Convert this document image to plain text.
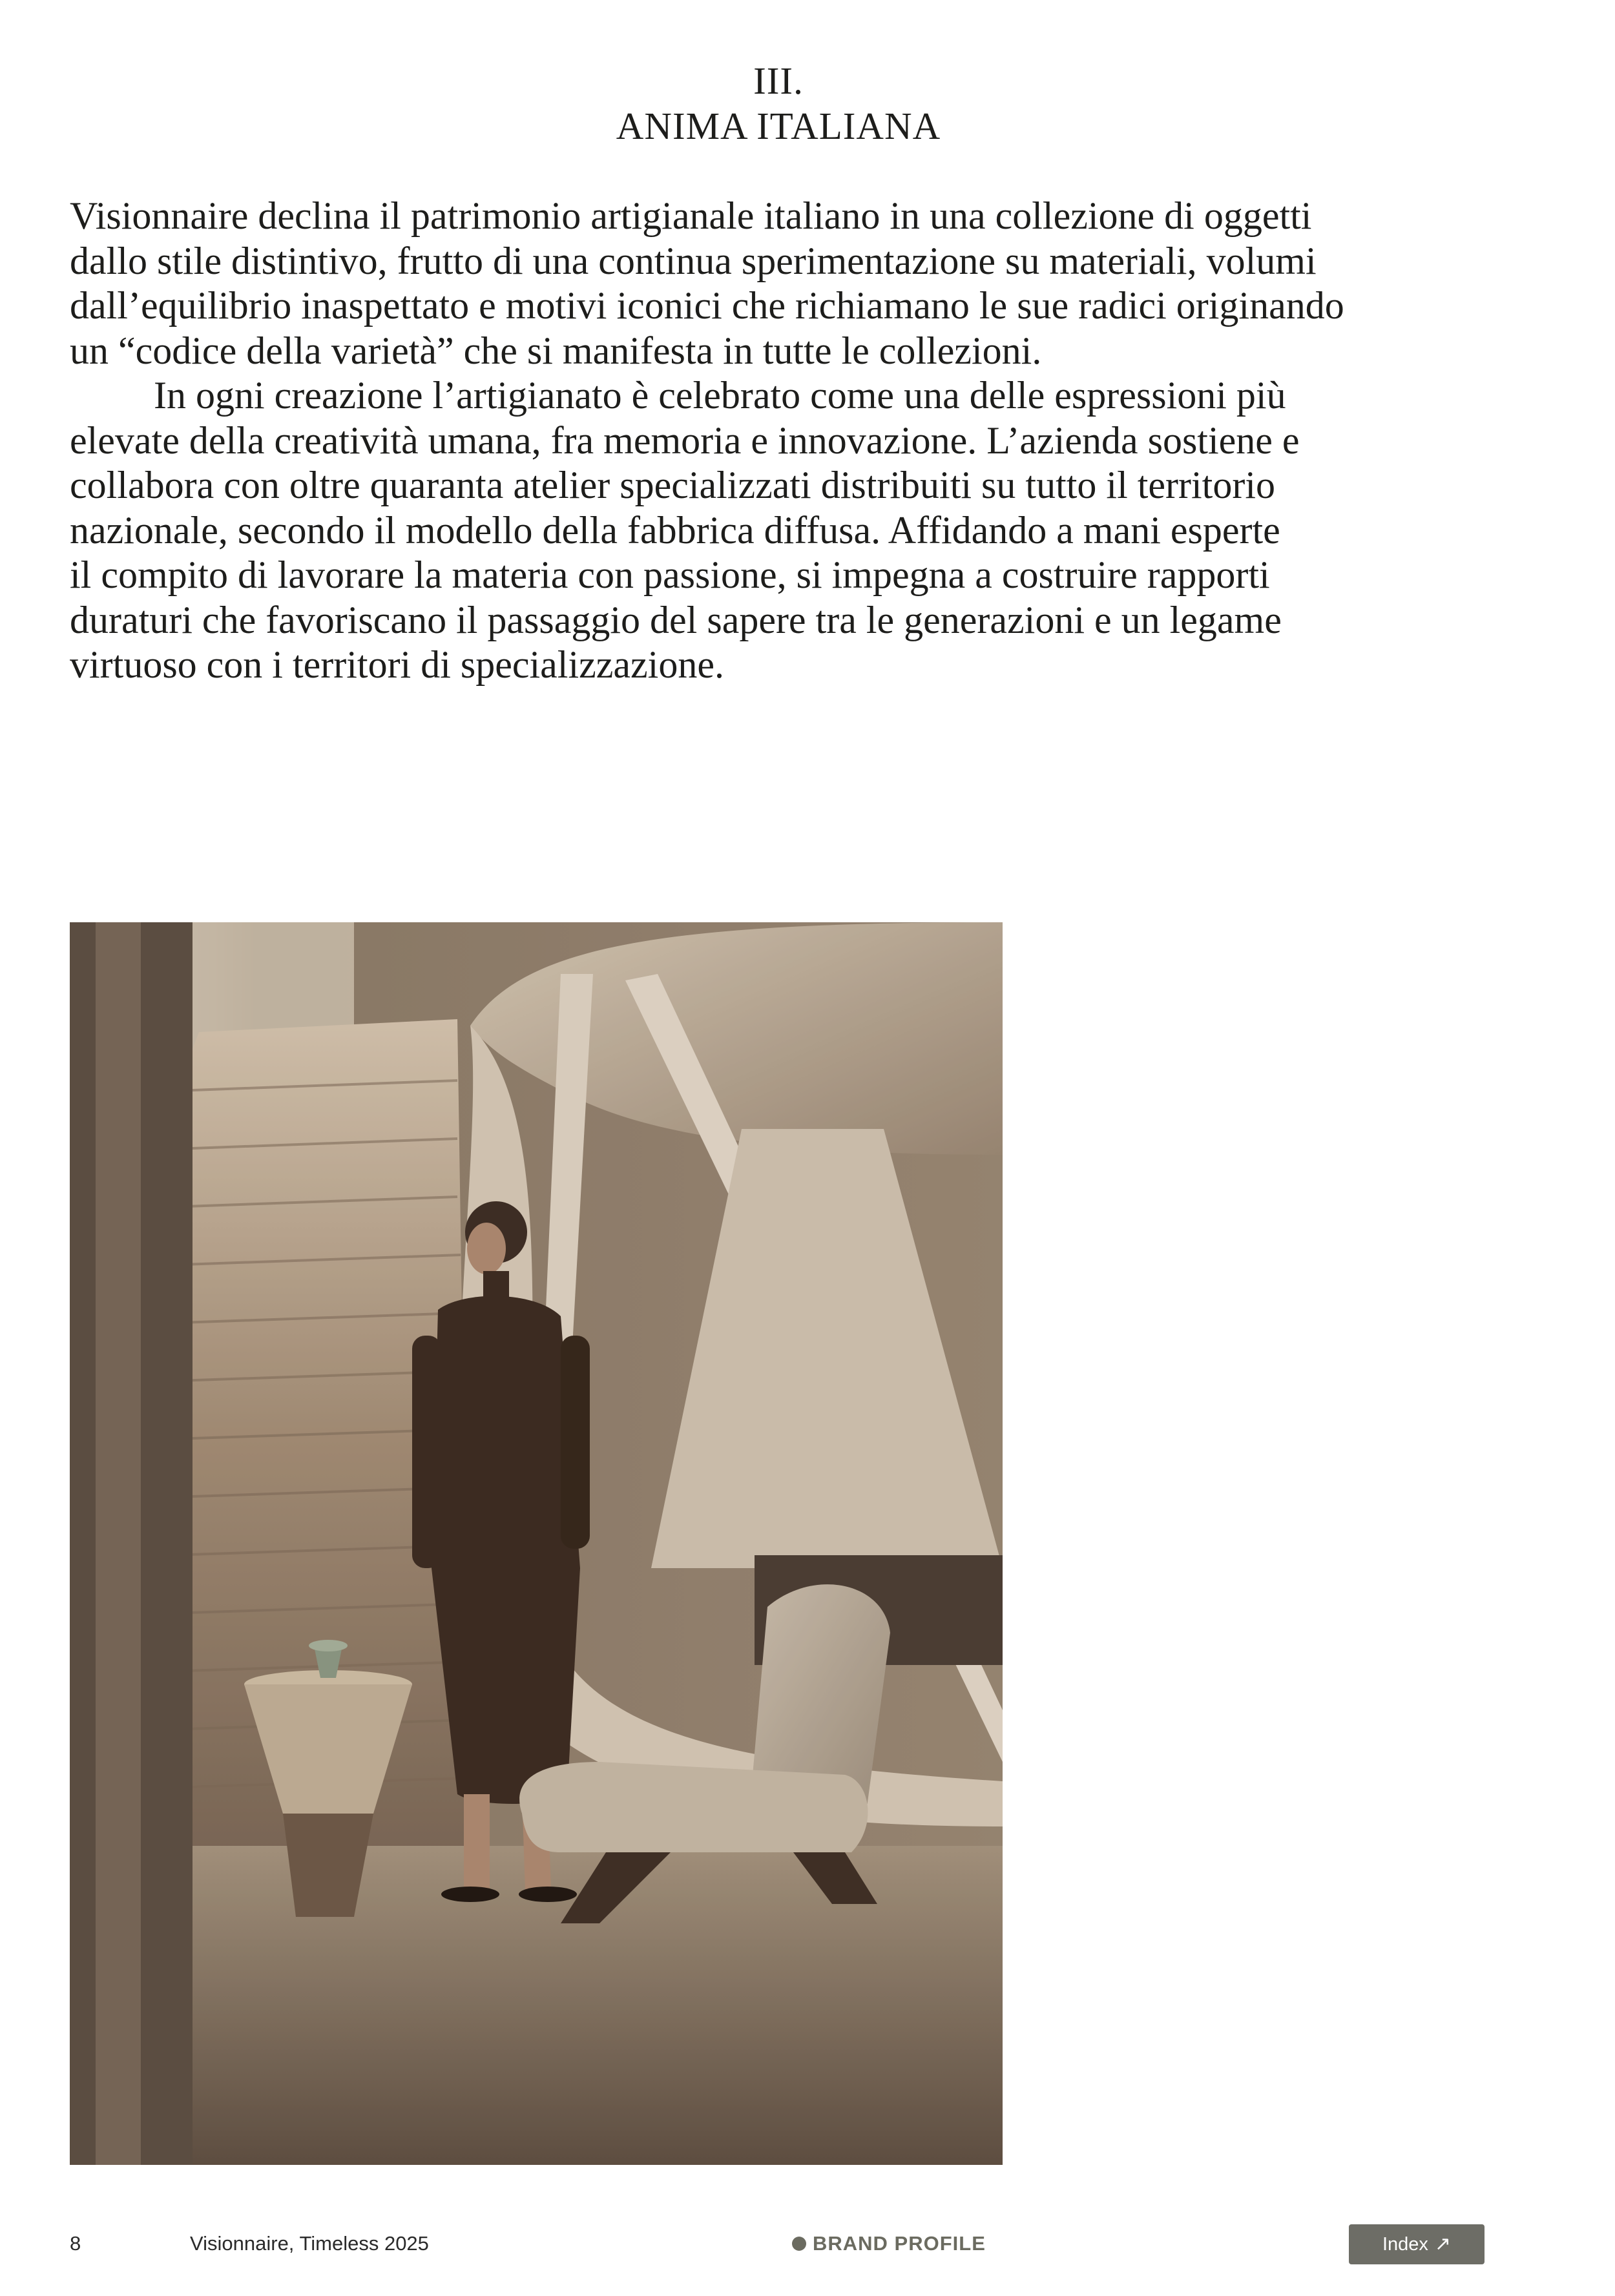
III.
ANIMA ITALIANA
Visionnaire declina il patrimonio artigianale italiano in una collezione di oggetti
dallo stile distintivo, frutto di una continua sperimentazione su materiali, volumi
dall’equilibrio inaspettato e motivi iconici che richiamano le sue radici originando
un “codice della varietà” che si manifesta in tutte le collezioni.
In ogni creazione l’artigianato è celebrato come una delle espressioni più
elevate della creatività umana, fra memoria e innovazione. L’azienda sostiene e
collabora con oltre quaranta atelier specializzati distribuiti su tutto il territorio
nazionale, secondo il modello della fabbrica diffusa. Affidando a mani esperte
il compito di lavorare la materia con passione, si impegna a costruire rapporti
duraturi che favoriscano il passaggio del sapere tra le generazioni e un legame
virtuoso con i territori di specializzazione.
8	Visionnaire, Timeless 2025	BRAND PROFILE	Index ↗
